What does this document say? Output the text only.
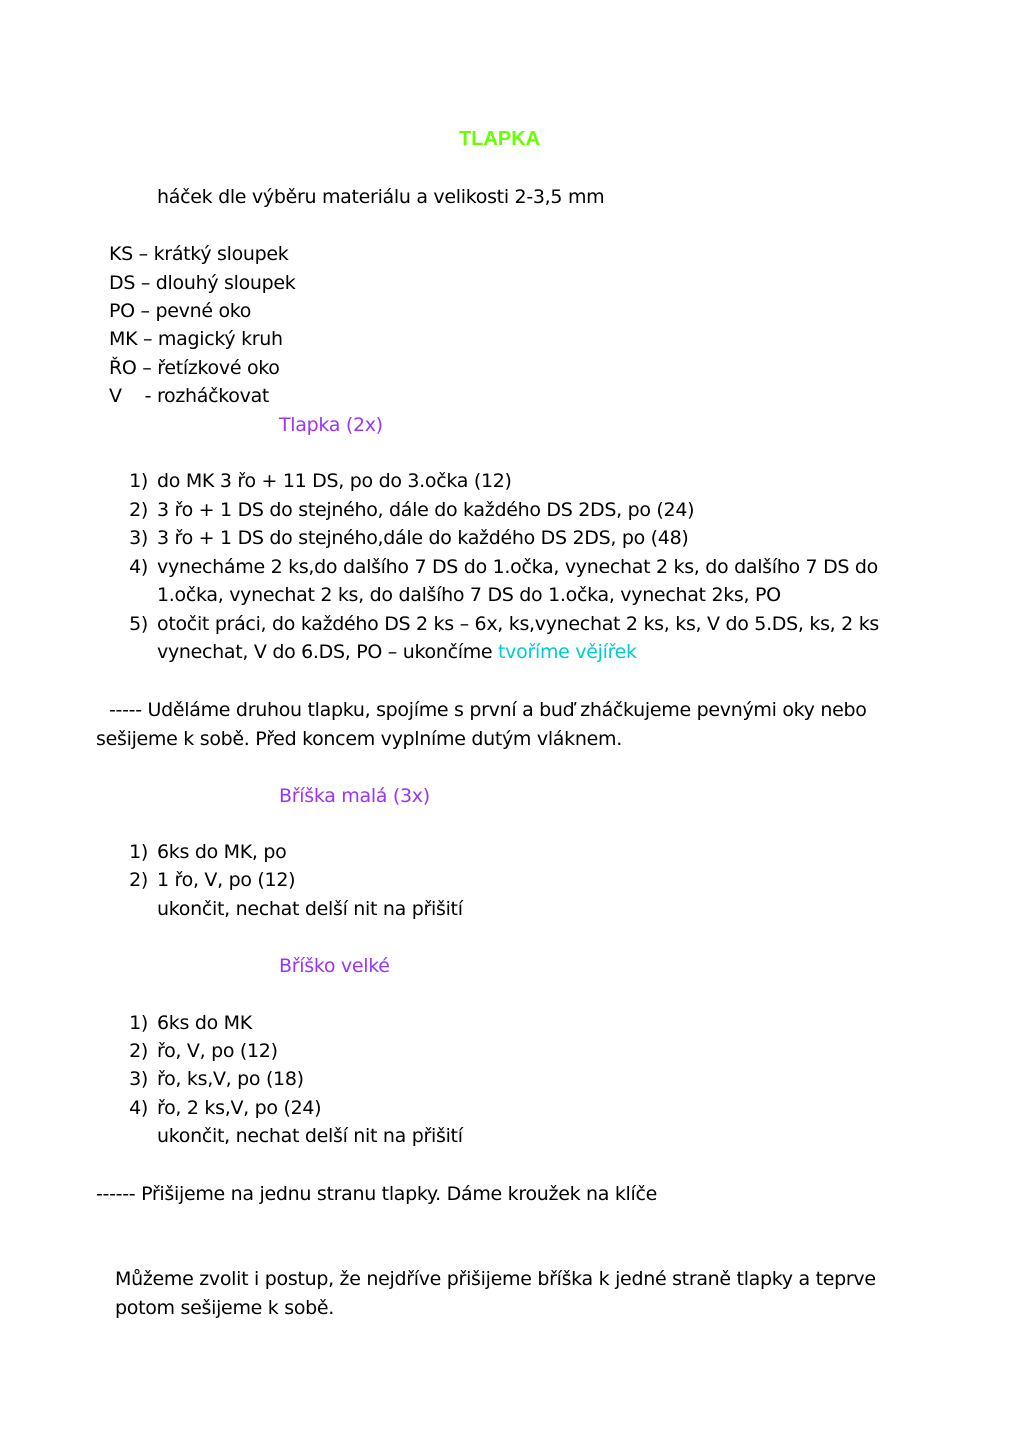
TLAPKA
háček dle výběru materiálu a velikosti 2-3,5 mm
KS – krátký sloupek
DS – dlouhý sloupek
PO – pevné oko
MK – magický kruh
ŘO – řetízkové oko
V    - rozháčkovat
Tlapka (2x)
1) do MK 3 řo + 11 DS, po do 3.očka (12)
2) 3 řo + 1 DS do stejného, dále do každého DS 2DS, po (24)
3) 3 řo + 1 DS do stejného,dále do každého DS 2DS, po (48)
4) vynecháme 2 ks,do dalšího 7 DS do 1.očka, vynechat 2 ks, do dalšího 7 DS do
1.očka, vynechat 2 ks, do dalšího 7 DS do 1.očka, vynechat 2ks, PO
5) otočit práci, do každého DS 2 ks – 6x, ks,vynechat 2 ks, ks, V do 5.DS, ks, 2 ks
vynechat, V do 6.DS, PO – ukončíme tvoříme vějířek
----- Uděláme druhou tlapku, spojíme s první a buď zháčkujeme pevnými oky nebo
sešijeme k sobě. Před koncem vyplníme dutým vláknem.
Bříška malá (3x)
1) 6ks do MK, po
2) 1 řo, V, po (12)
ukončit, nechat delší nit na přišití
Bříško velké
1) 6ks do MK
2) řo, V, po (12)
3) řo, ks,V, po (18)
4) řo, 2 ks,V, po (24)
ukončit, nechat delší nit na přišití
------ Přišijeme na jednu stranu tlapky. Dáme kroužek na klíče
Můžeme zvolit i postup, že nejdříve přišijeme bříška k jedné straně tlapky a teprve
potom sešijeme k sobě.
